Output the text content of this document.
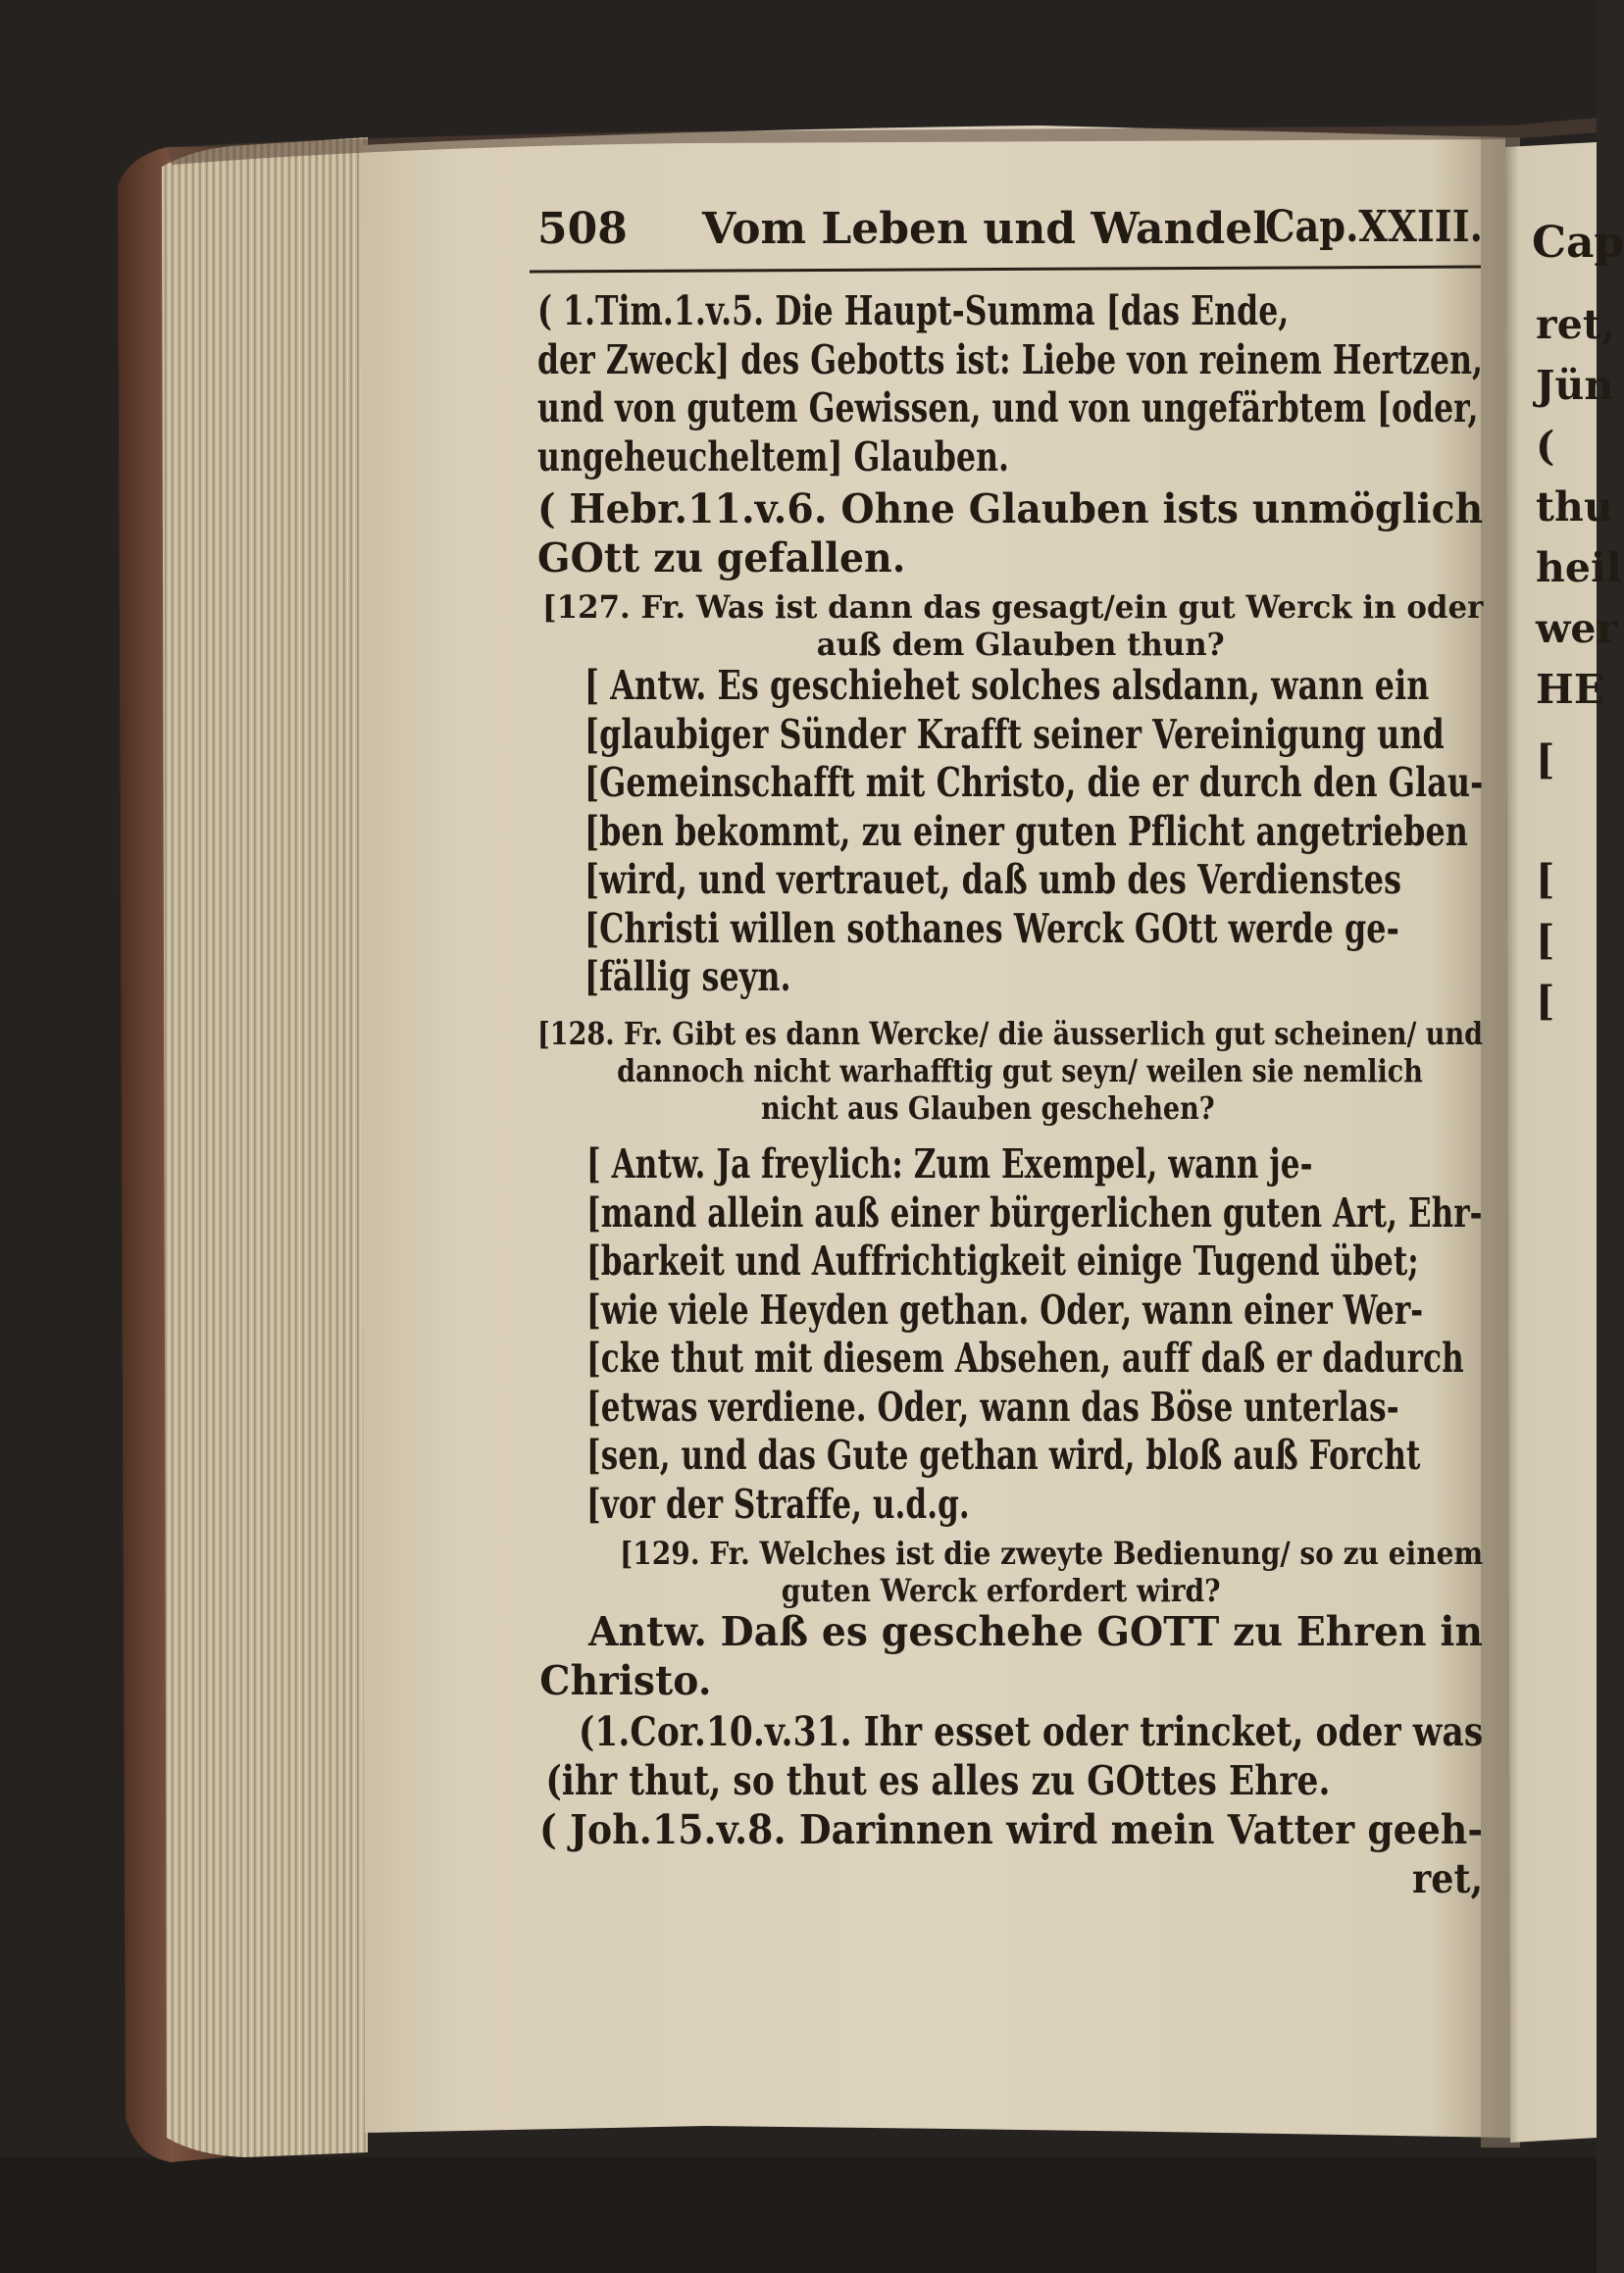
508 Vom Leben und Wandel
Cap.XXIII.
( 1.Tim.1.v.5. Die Haupt-Summa [das Ende,
der Zweck] des Gebotts ist: Liebe von reinem Hertzen,
und von gutem Gewissen, und von ungefärbtem [oder,
ungeheucheltem] Glauben.
( Hebr.11.v.6. Ohne Glauben ists unmöglich
GOtt zu gefallen.
[127. Fr. Was ist dann das gesagt/ein gut Werck in oder
auß dem Glauben thun?
[ Antw. Es geschiehet solches alsdann, wann ein
[glaubiger Sünder Krafft seiner Vereinigung und
[Gemeinschafft mit Christo, die er durch den Glau-
[ben bekommt, zu einer guten Pflicht angetrieben
[wird, und vertrauet, daß umb des Verdienstes
[Christi willen sothanes Werck GOtt werde ge-
[fällig seyn.
[128. Fr. Gibt es dann Wercke/ die äusserlich gut scheinen/ und
dannoch nicht warhafftig gut seyn/ weilen sie nemlich
nicht aus Glauben geschehen?
[ Antw. Ja freylich: Zum Exempel, wann je-
[mand allein auß einer bürgerlichen guten Art, Ehr-
[barkeit und Auffrichtigkeit einige Tugend übet;
[wie viele Heyden gethan. Oder, wann einer Wer-
[cke thut mit diesem Absehen, auff daß er dadurch
[etwas verdiene. Oder, wann das Böse unterlas-
[sen, und das Gute gethan wird, bloß auß Forcht
[vor der Straffe, u.d.g.
[129. Fr. Welches ist die zweyte Bedienung/ so zu einem
guten Werck erfordert wird?
Antw. Daß es geschehe GOTT zu Ehren in
Christo.
(1.Cor.10.v.31. Ihr esset oder trincket, oder was
(ihr thut, so thut es alles zu GOttes Ehre.
( Joh.15.v.8. Darinnen wird mein Vatter geeh-
ret,
Cap
ret,
Jün
(
thu
heil
wer
HE
[
[
[
[
